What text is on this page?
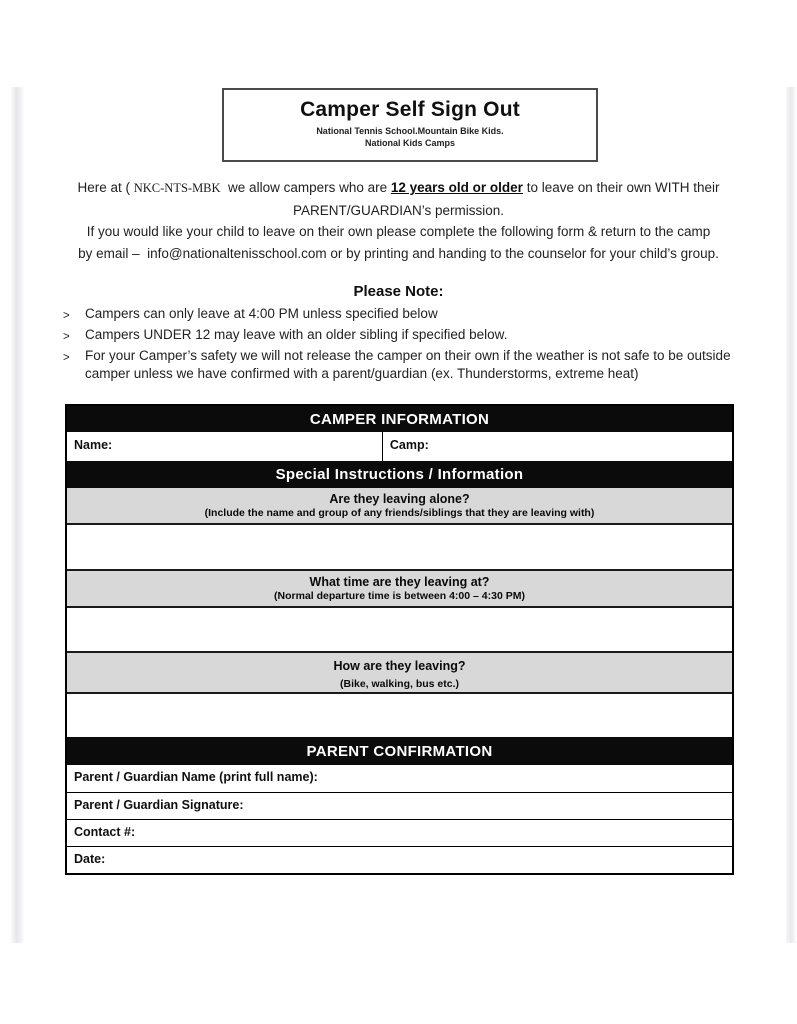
Camper Self Sign Out
National Tennis School.Mountain Bike Kids.
National Kids Camps
Here at ( NKC-NTS-MBK  we allow campers who are 12 years old or older to leave on their own WITH their
PARENT/GUARDIAN’s permission.
If you would like your child to leave on their own please complete the following form & return to the camp
by email –  info@nationaltenisschool.com or by printing and handing to the counselor for your child’s group.
Please Note:
>	Campers can only leave at 4:00 PM unless specified below
>	Campers UNDER 12 may leave with an older sibling if specified below.
>	For your Camper’s safety we will not release the camper on their own if the weather is not safe to be outside camper unless we have confirmed with a parent/guardian (ex. Thunderstorms, extreme heat)
CAMPER INFORMATION
Name:	Camp:
Special Instructions / Information
Are they leaving alone?
(Include the name and group of any friends/siblings that they are leaving with)
What time are they leaving at?
(Normal departure time is between 4:00 – 4:30 PM)
How are they leaving?
(Bike, walking, bus etc.)
PARENT CONFIRMATION
Parent / Guardian Name (print full name):
Parent / Guardian Signature:
Contact #:
Date:
